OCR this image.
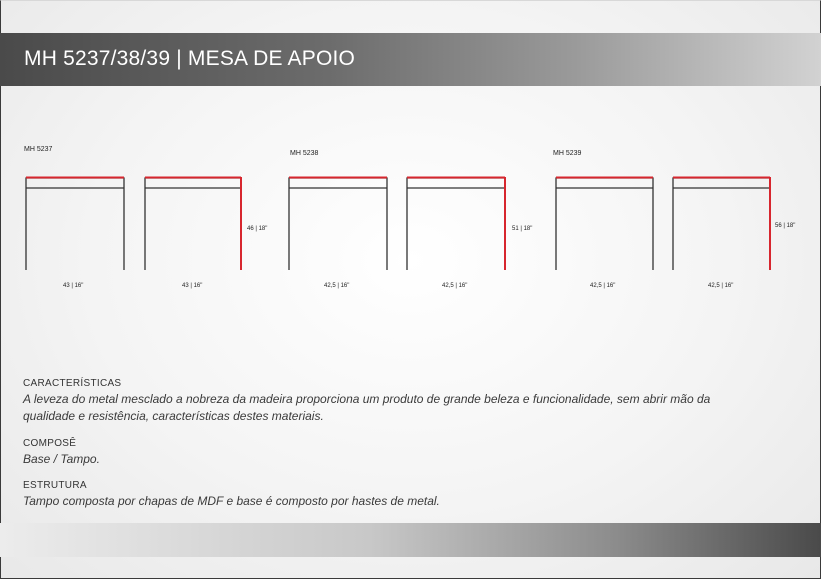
MH 5237/38/39 | MESA DE APOIO
MH 5237
43 | 16"	43 | 16"
46 | 18"
MH 5238
42,5 | 16"	42,5 | 16"
51 | 18"
MH 5239
42,5 | 16"	42,5 | 16"
56 | 18"
CARACTERÍSTICAS
A leveza do metal mesclado a nobreza da madeira proporciona um produto de grande beleza e funcionalidade, sem abrir mão da
qualidade e resistência, características destes materiais.
COMPOSÊ
Base / Tampo.
ESTRUTURA
Tampo composta por chapas de MDF e base é composto por hastes de metal.
